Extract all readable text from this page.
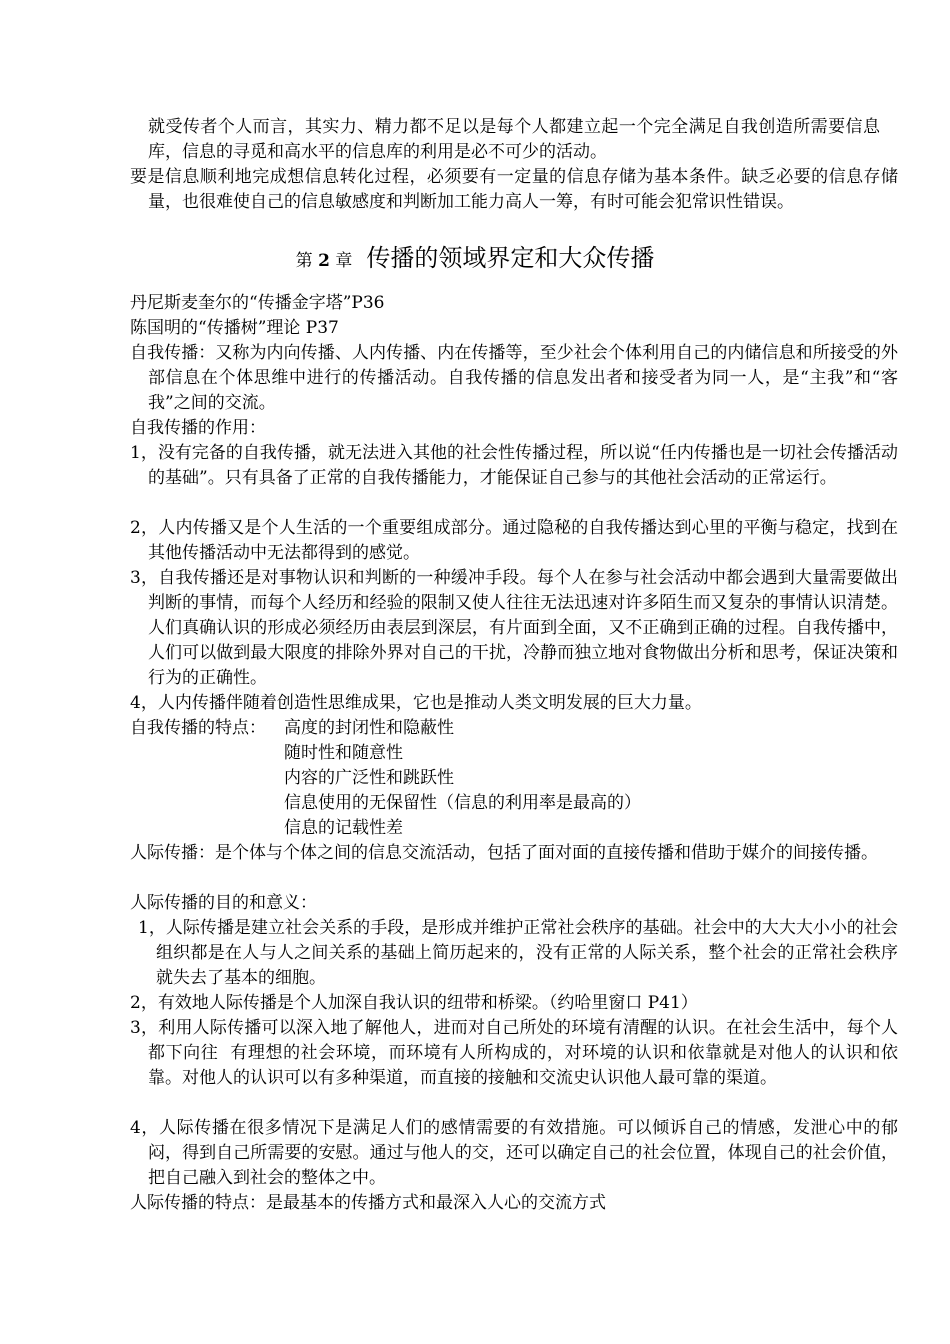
就受传者个人而言，其实力、精力都不足以是每个人都建立起一个完全满足自我创造所需要信息库，信息的寻觅和高水平的信息库的利用是必不可少的活动。

要是信息顺利地完成想信息转化过程，必须要有一定量的信息存储为基本条件。缺乏必要的信息存储量，也很难使自己的信息敏感度和判断加工能力高人一筹，有时可能会犯常识性错误。

第 2 章 传播的领域界定和大众传播

丹尼斯麦奎尔的“传播金字塔”P36

陈国明的“传播树”理论 P37

自我传播：又称为内向传播、人内传播、内在传播等，至少社会个体利用自己的内储信息和所接受的外部信息在个体思维中进行的传播活动。自我传播的信息发出者和接受者为同一人，是“主我”和“客我”之间的交流。

自我传播的作用：

1，没有完备的自我传播，就无法进入其他的社会性传播过程，所以说“任内传播也是一切社会传播活动的基础”。只有具备了正常的自我传播能力，才能保证自己参与的其他社会活动的正常运行。

2，人内传播又是个人生活的一个重要组成部分。通过隐秘的自我传播达到心里的平衡与稳定，找到在其他传播活动中无法都得到的感觉。

3，自我传播还是对事物认识和判断的一种缓冲手段。每个人在参与社会活动中都会遇到大量需要做出判断的事情，而每个人经历和经验的限制又使人往往无法迅速对许多陌生而又复杂的事情认识清楚。人们真确认识的形成必须经历由表层到深层，有片面到全面，又不正确到正确的过程。自我传播中，人们可以做到最大限度的排除外界对自己的干扰，冷静而独立地对食物做出分析和思考，保证决策和行为的正确性。

4，人内传播伴随着创造性思维成果，它也是推动人类文明发展的巨大力量。

自我传播的特点：	高度的封闭性和隐蔽性
随时性和随意性
内容的广泛性和跳跃性
信息使用的无保留性（信息的利用率是最高的）
信息的记载性差

人际传播：是个体与个体之间的信息交流活动，包括了面对面的直接传播和借助于媒介的间接传播。

人际传播的目的和意义：

1，人际传播是建立社会关系的手段，是形成并维护正常社会秩序的基础。社会中的大大大小小的社会组织都是在人与人之间关系的基础上简历起来的，没有正常的人际关系，整个社会的正常社会秩序就失去了基本的细胞。

2，有效地人际传播是个人加深自我认识的纽带和桥梁。（约哈里窗口 P41）

3，利用人际传播可以深入地了解他人，进而对自己所处的环境有清醒的认识。在社会生活中，每个人都下向往  有理想的社会环境，而环境有人所构成的，对环境的认识和依靠就是对他人的认识和依靠。对他人的认识可以有多种渠道，而直接的接触和交流史认识他人最可靠的渠道。

4，人际传播在很多情况下是满足人们的感情需要的有效措施。可以倾诉自己的情感，发泄心中的郁闷，得到自己所需要的安慰。通过与他人的交，还可以确定自己的社会位置，体现自己的社会价值，把自己融入到社会的整体之中。

人际传播的特点：是最基本的传播方式和最深入人心的交流方式
